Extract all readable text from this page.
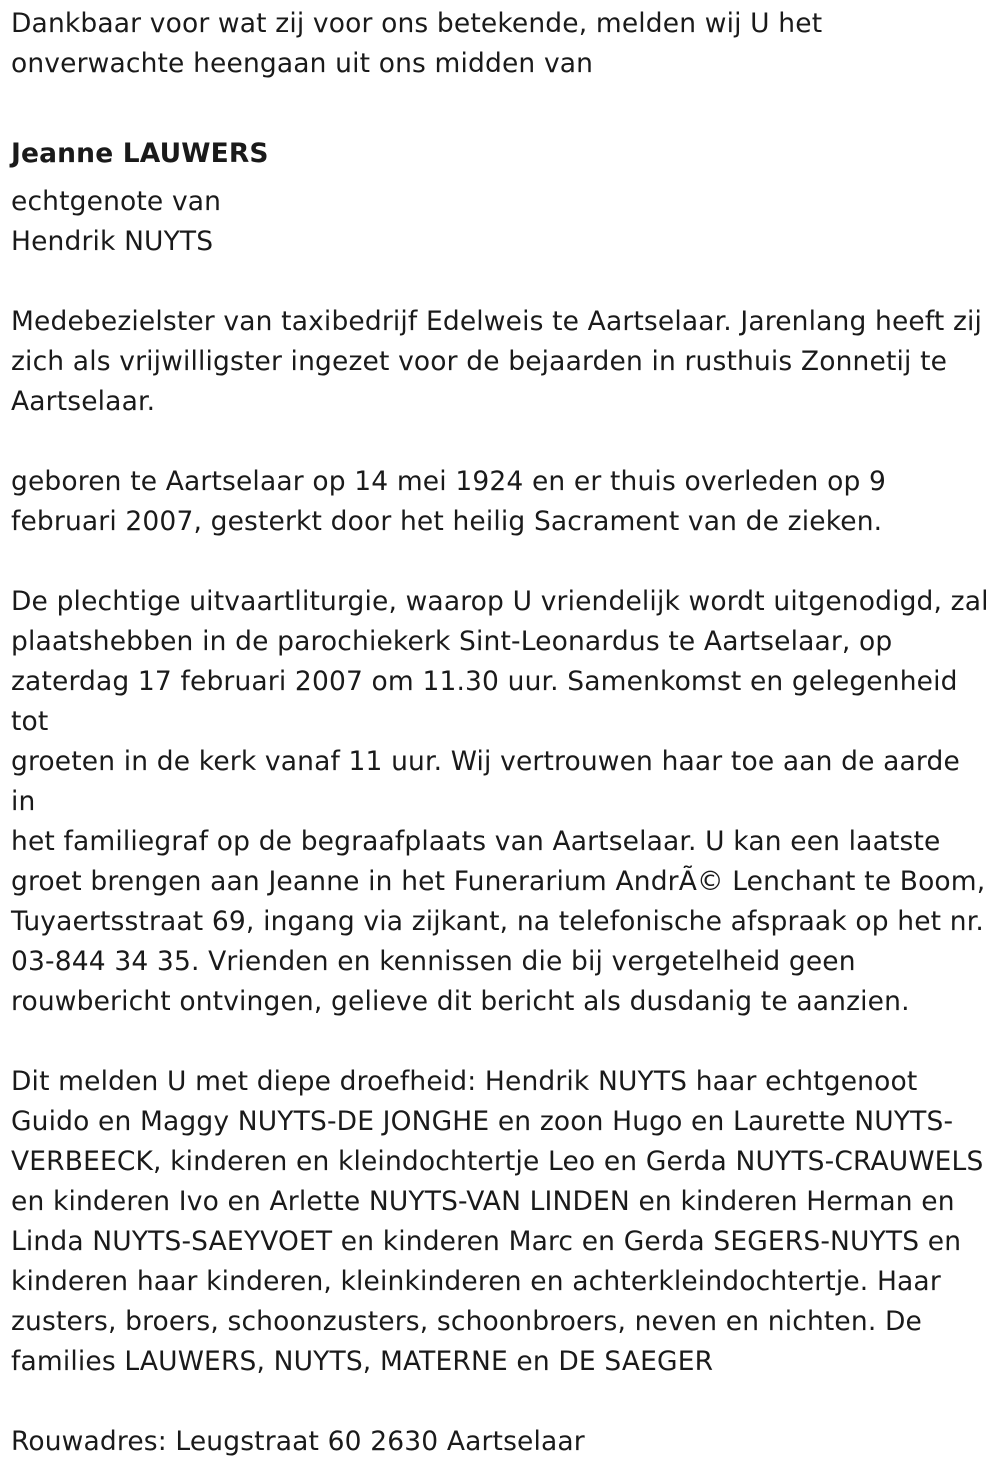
Dankbaar voor wat zij voor ons betekende, melden wij U het

onverwachte heengaan uit ons midden van

Jeanne LAUWERS

echtgenote van

Hendrik NUYTS

Medebezielster van taxibedrijf Edelweis te Aartselaar. Jarenlang heeft zij

zich als vrijwilligster ingezet voor de bejaarden in rusthuis Zonnetij te

Aartselaar.

geboren te Aartselaar op 14 mei 1924 en er thuis overleden op 9

februari 2007, gesterkt door het heilig Sacrament van de zieken.

De plechtige uitvaartliturgie, waarop U vriendelijk wordt uitgenodigd, zal

plaatshebben in de parochiekerk Sint-Leonardus te Aartselaar, op

zaterdag 17 februari 2007 om 11.30 uur. Samenkomst en gelegenheid tot

groeten in de kerk vanaf 11 uur. Wij vertrouwen haar toe aan de aarde in

het familiegraf op de begraafplaats van Aartselaar. U kan een laatste

groet brengen aan Jeanne in het Funerarium AndrÃ© Lenchant te Boom,

Tuyaertsstraat 69, ingang via zijkant, na telefonische afspraak op het nr.

03-844 34 35. Vrienden en kennissen die bij vergetelheid geen

rouwbericht ontvingen, gelieve dit bericht als dusdanig te aanzien.

Dit melden U met diepe droefheid: Hendrik NUYTS haar echtgenoot

Guido en Maggy NUYTS-DE JONGHE en zoon Hugo en Laurette NUYTS-

VERBEECK, kinderen en kleindochtertje Leo en Gerda NUYTS-CRAUWELS

en kinderen Ivo en Arlette NUYTS-VAN LINDEN en kinderen Herman en

Linda NUYTS-SAEYVOET en kinderen Marc en Gerda SEGERS-NUYTS en

kinderen haar kinderen, kleinkinderen en achterkleindochtertje. Haar

zusters, broers, schoonzusters, schoonbroers, neven en nichten. De

families LAUWERS, NUYTS, MATERNE en DE SAEGER

Rouwadres: Leugstraat 60 2630 Aartselaar
